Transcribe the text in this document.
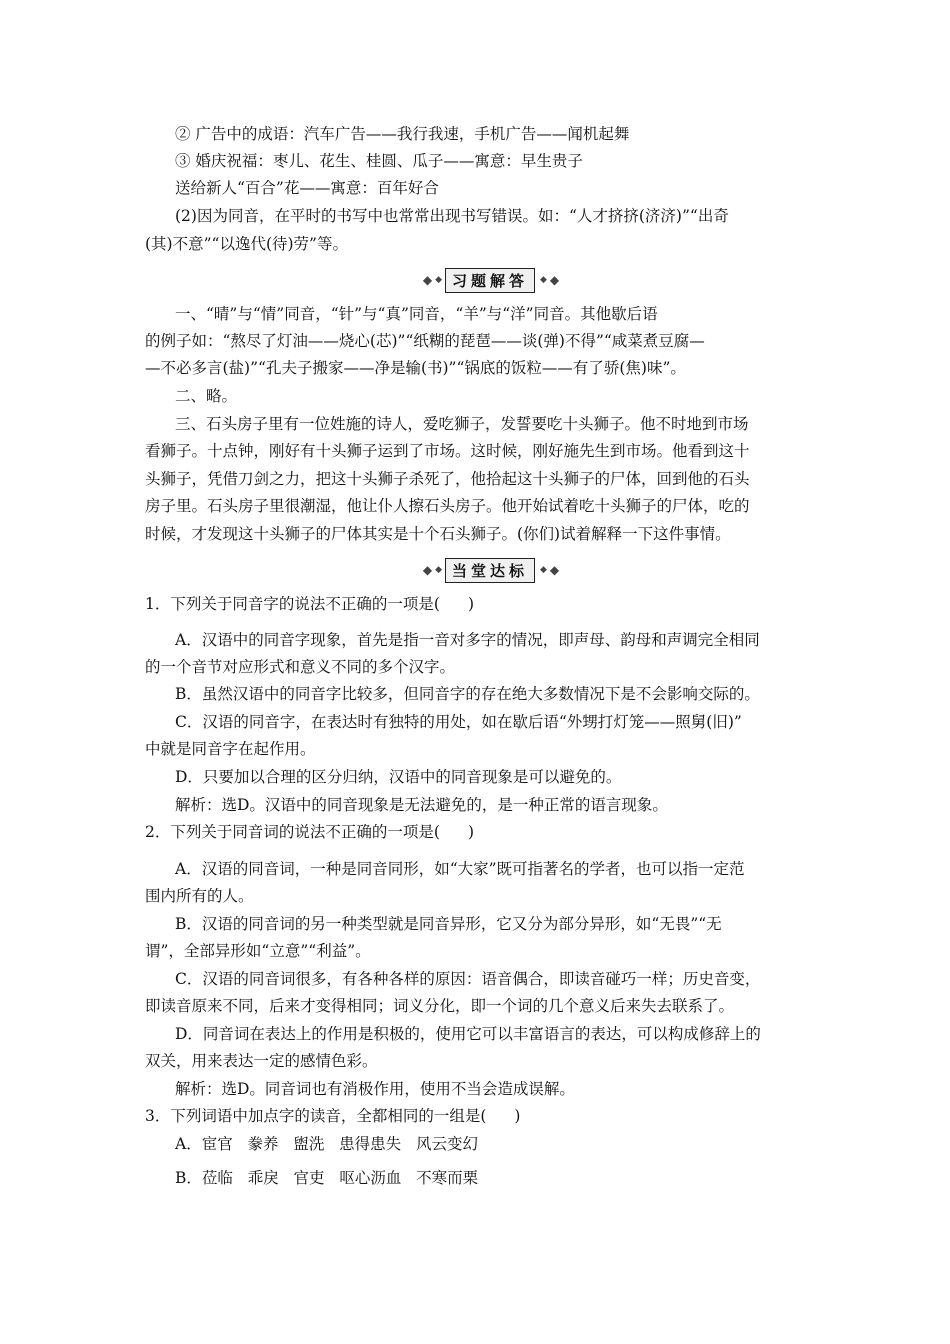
② 广告中的成语：汽车广告——我行我速，手机广告——闻机起舞
③ 婚庆祝福：枣儿、花生、桂圆、瓜子——寓意：早生贵子
送给新人“百合”花——寓意：百年好合
(2)因为同音，在平时的书写中也常常出现书写错误。如：“人才挤挤(济济)”“出奇
(其)不意”“以逸代(待)劳”等。
◆ ◆ 习题解答	◆ ◆
一、“晴”与“情”同音，“针”与“真”同音，“羊”与“洋”同音。其他歇后语
的例子如：“熬尽了灯油——烧心(芯)”“纸糊的琵琶——谈(弹)不得”“咸菜煮豆腐—
—不必多言(盐)”“孔夫子搬家——净是输(书)”“锅底的饭粒——有了骄(焦)味”。
二、略。
三、石头房子里有一位姓施的诗人，爱吃狮子，发誓要吃十头狮子。他不时地到市场
看狮子。十点钟，刚好有十头狮子运到了市场。这时候，刚好施先生到市场。他看到这十
头狮子，凭借刀剑之力，把这十头狮子杀死了，他拾起这十头狮子的尸体，回到他的石头
房子里。石头房子里很潮湿，他让仆人擦石头房子。他开始试着吃十头狮子的尸体，吃的
时候，才发现这十头狮子的尸体其实是十个石头狮子。(你们)试着解释一下这件事情。
◆ ◆ 当堂达标	◆ ◆
1．下列关于同音字的说法不正确的一项是( )
A．汉语中的同音字现象，首先是指一音对多字的情况，即声母、韵母和声调完全相同
的一个音节对应形式和意义不同的多个汉字。
B．虽然汉语中的同音字比较多，但同音字的存在绝大多数情况下是不会影响交际的。
C．汉语的同音字，在表达时有独特的用处，如在歇后语“外甥打灯笼——照舅(旧)”
中就是同音字在起作用。
D．只要加以合理的区分归纳，汉语中的同音现象是可以避免的。
解析：选D。汉语中的同音现象是无法避免的，是一种正常的语言现象。
2．下列关于同音词的说法不正确的一项是( )
A．汉语的同音词，一种是同音同形，如“大家”既可指著名的学者，也可以指一定范
围内所有的人。
B．汉语的同音词的另一种类型就是同音异形，它又分为部分异形，如“无畏”“无
谓”，全部异形如“立意”“利益”。
C．汉语的同音词很多，有各种各样的原因：语音偶合，即读音碰巧一样；历史音变，
即读音原来不同，后来才变得相同；词义分化，即一个词的几个意义后来失去联系了。
D．同音词在表达上的作用是积极的，使用它可以丰富语言的表达，可以构成修辞上的
双关，用来表达一定的感情色彩。
解析：选D。同音词也有消极作用，使用不当会造成误解。
3．下列词语中加点字的读音，全都相同的一组是( )
A．宦官 豢养 盥洗 患得患失 风云变幻
B．莅临 乖戾 官吏 呕心沥血 不寒而栗
